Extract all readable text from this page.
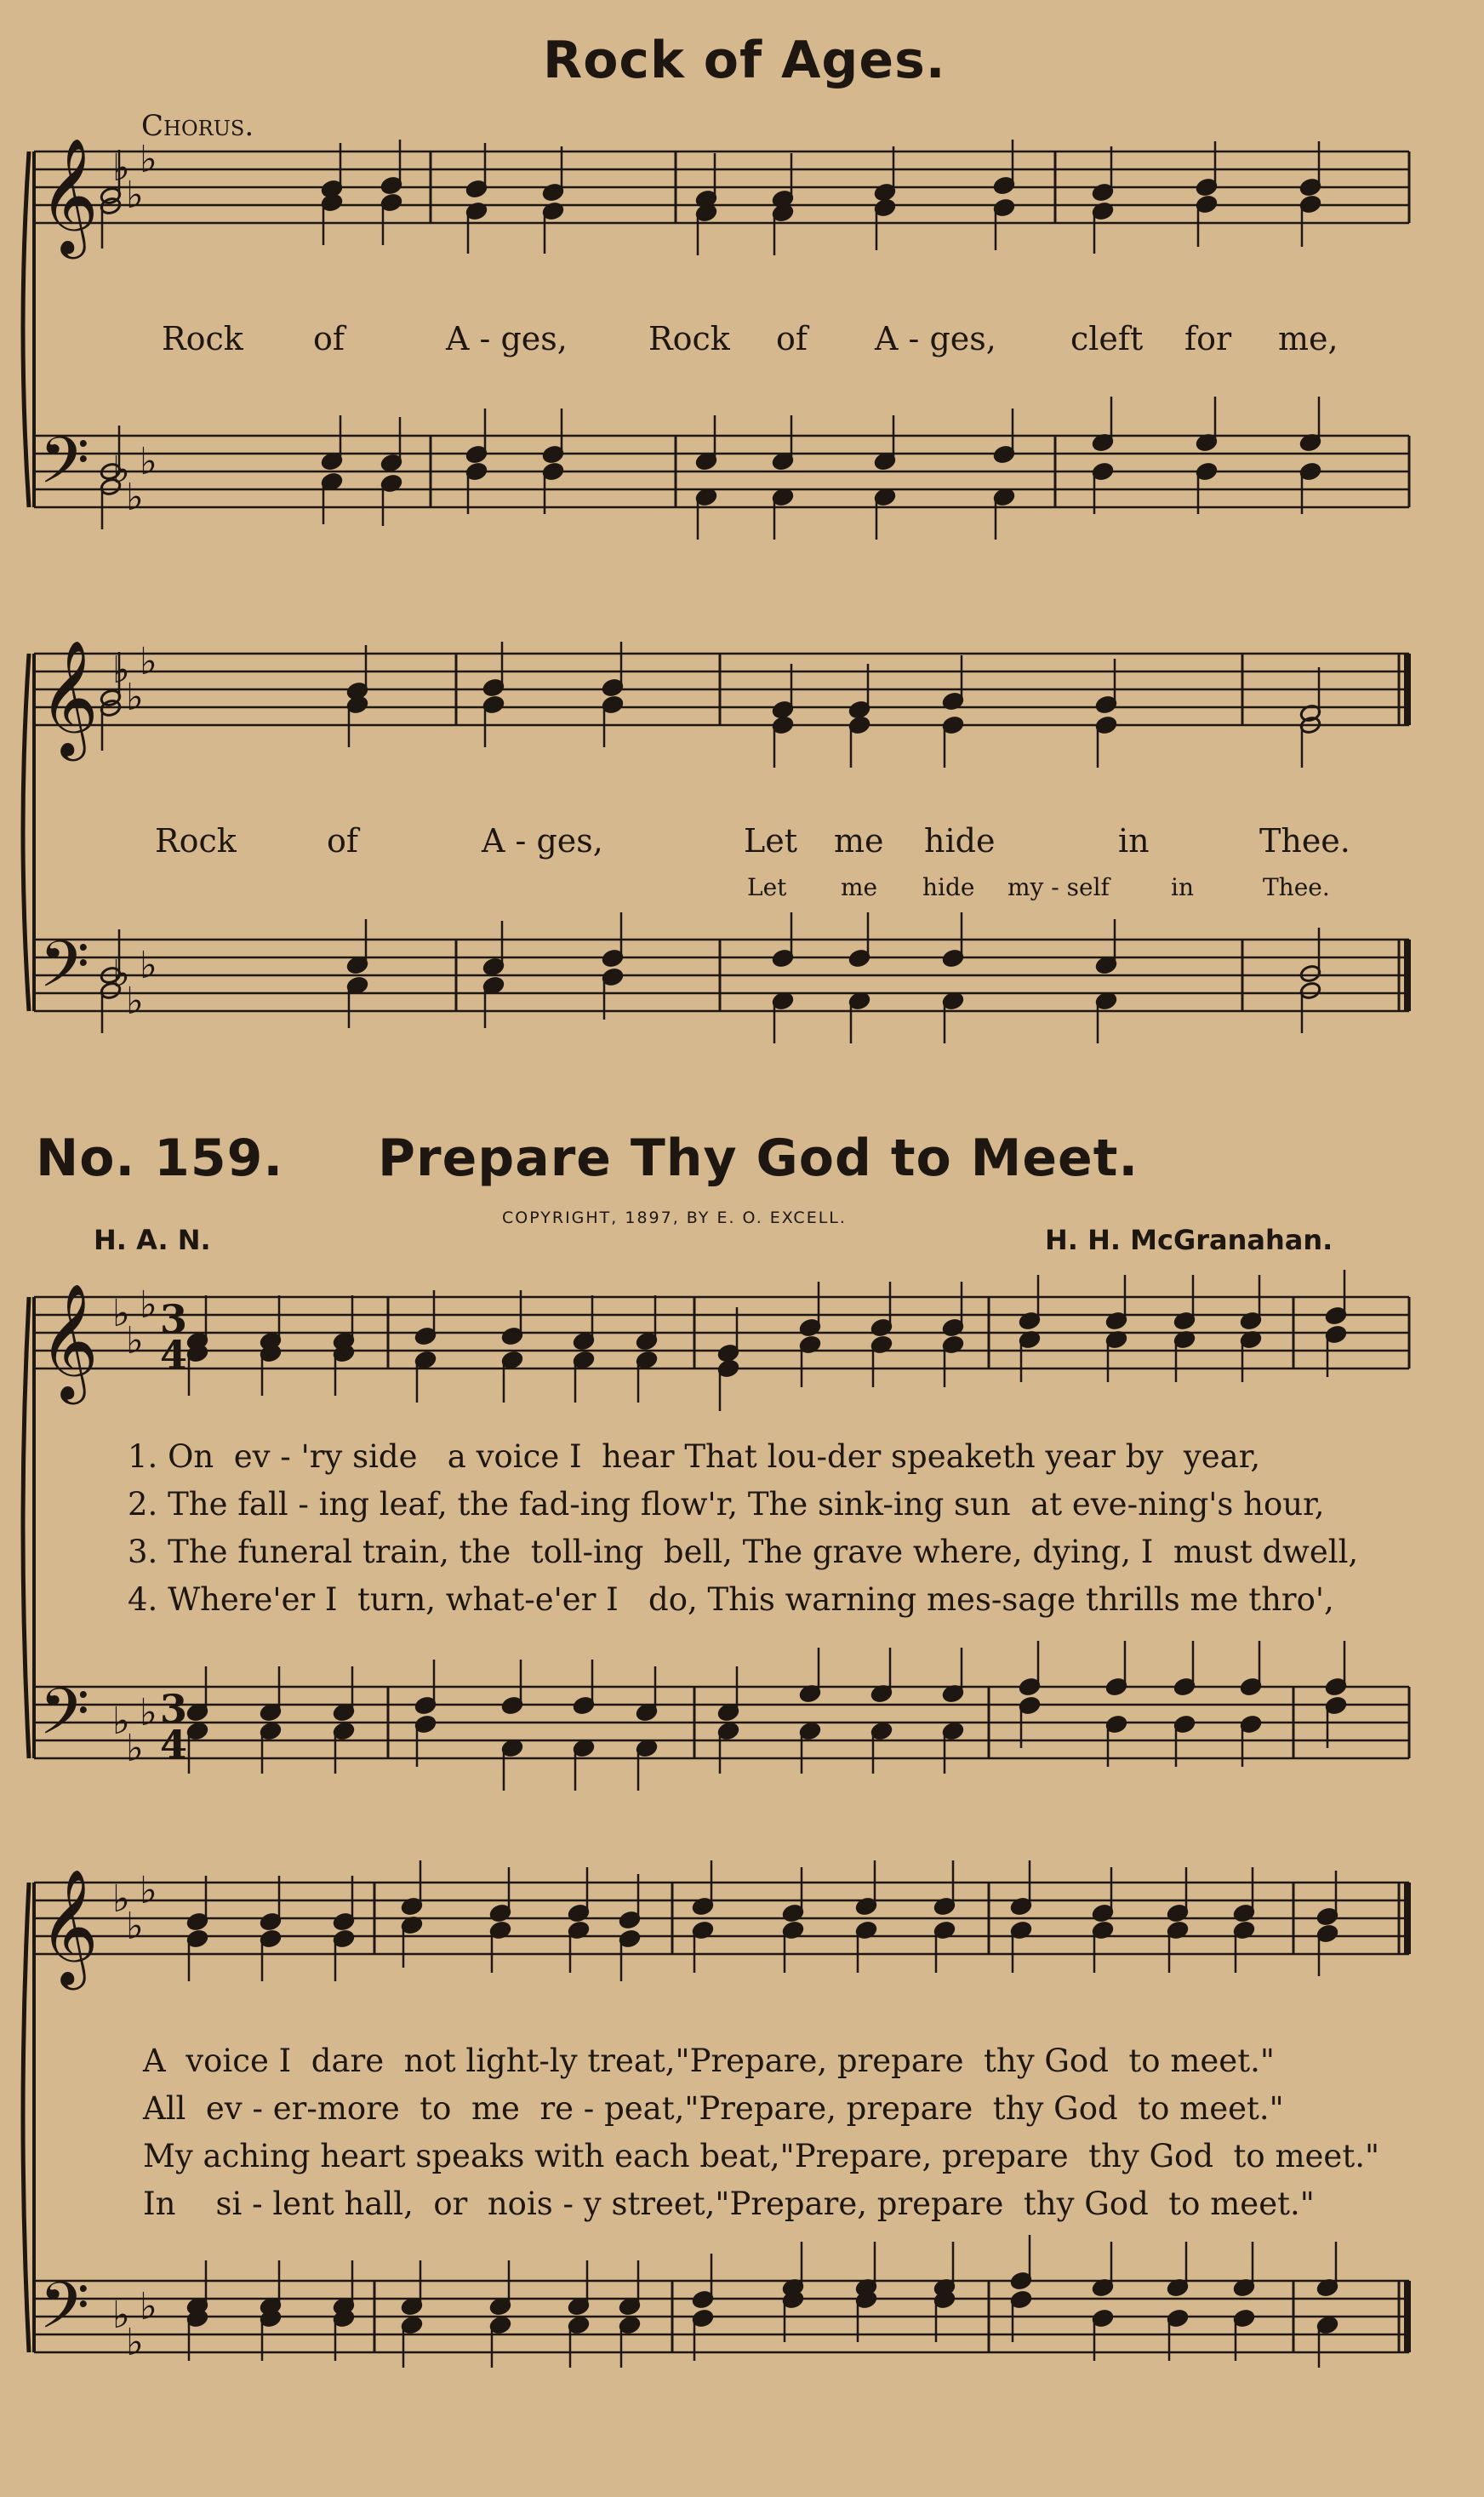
Rock of Ages.
Chorus.
Rock of	A - ges,	Rock of A - ges, cleft for me,
Rock	of	A - ges,	Let me hide	in	Thee.
Let me hide my - self	in	Thee.
No. 159. Prepare Thy God to Meet.
COPYRIGHT, 1897, BY E. O. EXCELL.
H. A. N.	H. H. McGranahan.
1. On  ev - 'ry side   a voice I  hear That lou-der speaketh year by  year,
2. The fall - ing leaf, the fad-ing flow'r, The sink-ing sun  at eve-ning's hour,
3. The funeral train, the  toll-ing  bell, The grave where, dying, I  must dwell,
4. Where'er I  turn, what-e'er I   do, This warning mes-sage thrills me thro',
A  voice I  dare  not light-ly treat,"Prepare, prepare  thy God  to meet."
All  ev - er-more  to  me  re - peat,"Prepare, prepare  thy God  to meet."
My aching heart speaks with each beat,"Prepare, prepare  thy God  to meet."
In    si - lent hall,  or  nois - y street,"Prepare, prepare  thy God  to meet."
𝄞
𝄢
♭
♭
♭
♭
♭
♭
𝄞
𝄢
♭
♭
♭
♭
♭
♭
𝄞
𝄢
♭
♭
♭
♭
♭
♭
𝄞
𝄢
♭
♭
♭
♭
♭
♭
3
4
3
4
